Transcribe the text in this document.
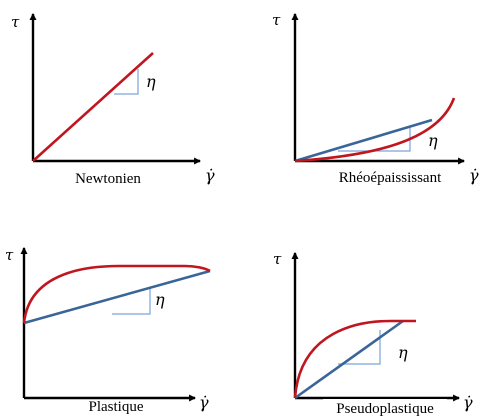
τ
γ̇
η
Newtonien
τ
γ̇
η
Rhéoépaississant
τ
γ̇
η
Plastique
τ
γ̇
η
Pseudoplastique
